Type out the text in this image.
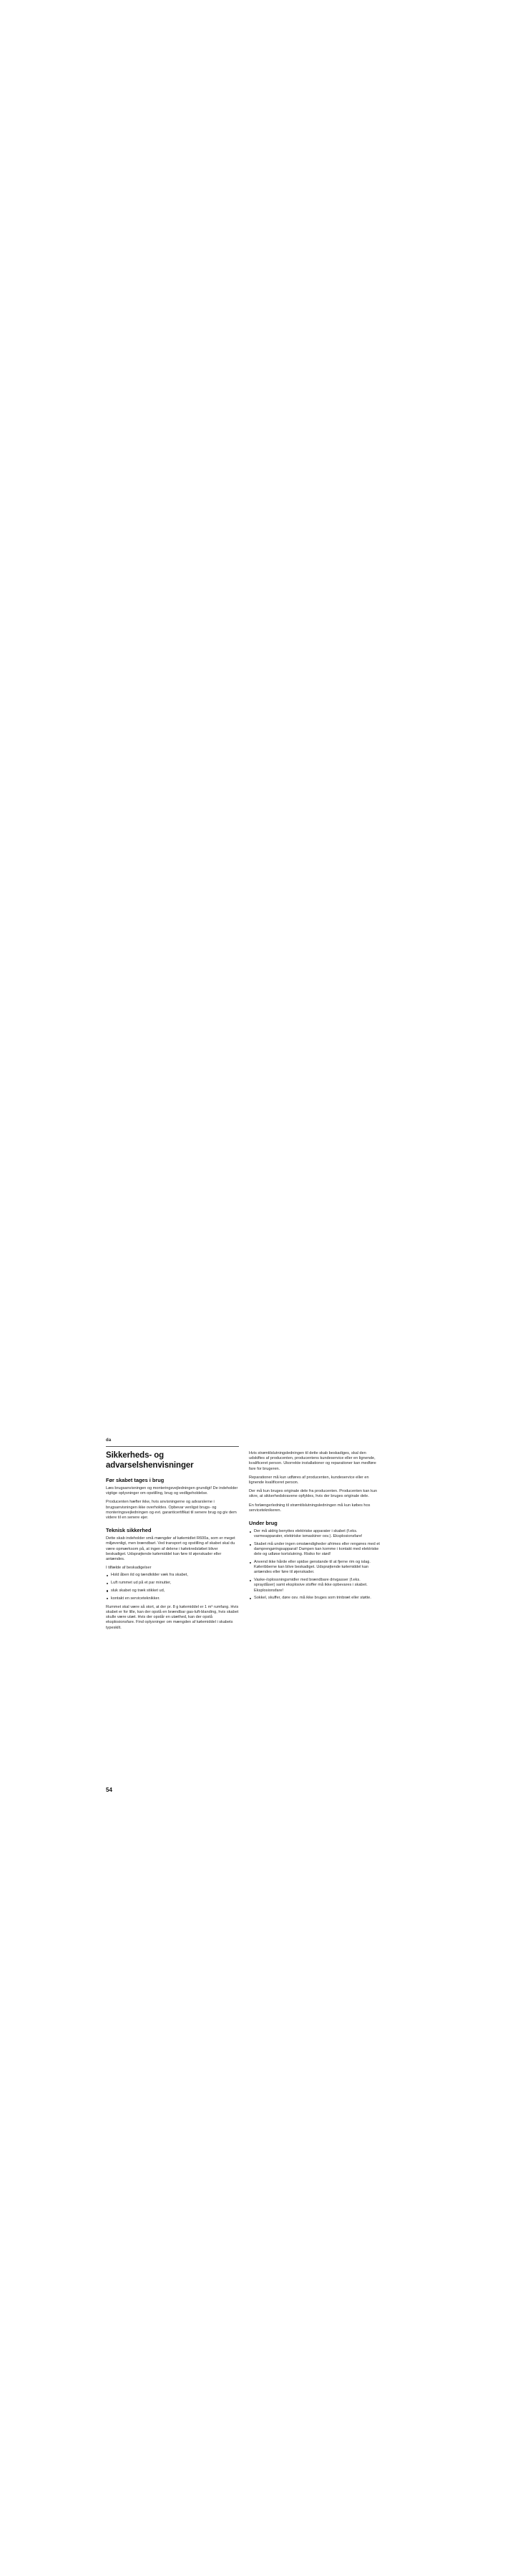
da
Sikkerheds- og advarselshenvisninger
Før skabet tages i brug

Læs brugsanvisningen og monteringsvejledningen grundigt! De indeholder vigtige oplysninger om opstilling, brug og vedligeholdelse.

Producenten hæfter ikke, hvis anvisningerne og advarslerne i brugsanvisningen ikke overholdes. Opbevar venligst brugs- og monteringsvejledningen og evt. garanticertifikat til senere brug og giv dem videre til en senere ejer.

Teknisk sikkerhed

Dette skab indeholder små mængder af kølemidlet R600a, som er meget miljøvenligt, men brændbart. Ved transport og opstilling af skabet skal du være opmærksom på, at ingen af delene i kølekredsløbet bliver beskadiget. Udsprøjtende kølemiddel kan føre til øjenskader eller antændes.

I tilfælde af beskadigelser

Hold åben ild og tændkilder væk fra skabet,
Luft rummet ud på et par minutter,
sluk skabet og træk stikket ud,
kontakt en serviceteknikker.

Rummet skal være så stort, at der pr. 8 g kølemiddel er 1 m³ rumfang. Hvis skabet er for lille, kan der opstå en brændbar gas-luft-blanding, hvis skabet skulle være utæt. Hvis der opstår en utæthed, kan der opstå eksplosionsfare. Find oplysninger om mængden af kølemiddel i skabets typeskilt.

Hvis strømtilslutningsledningen til dette skab beskadiges, skal den udskiftes af producenten, producentens kundeservice eller en lignende, kvalificeret person. Ukorrekte installationer og reparationer kan medføre fare for brugeren.

Reparationer må kun udføres af producenten, kundeservice eller en lignende kvalificeret person.

Der må kun bruges originale dele fra producenten. Producenten kan kun sikre, at sikkerhedskravene opfyldes, hvis der bruges originale dele.

En forlængerledning til strømtilslutningsledningen må kun købes hos serviceteknikeren.

Under brug
Der må aldrig benyttes elektriske apparater i skabet (f.eks. varmeapparater, elektriske ismaskiner osv.). Eksplosionsfare!
Skabet må under ingen omstændigheder afrimes eller rengøres med et damprengøringsapparat! Dampen kan komme i kontakt med elektriske dele og udløse kortslutning. Risiko for stød!
Anvend ikke hårde eller spidse genstande til at fjerne rim og islag. Køleribberne kan blive beskadiget. Udsprøjtende kølemiddel kan antændes eller føre til øjenskader.
Vaske-/oplossningsmidler med brændbare drivgasser (f.eks. spraydåser) samt eksplosive stoffer må ikke opbevares i skabet. Eksplosionsfare!
Sokkel, skuffer, døre osv. må ikke bruges som trinbræt eller støtte.
54
